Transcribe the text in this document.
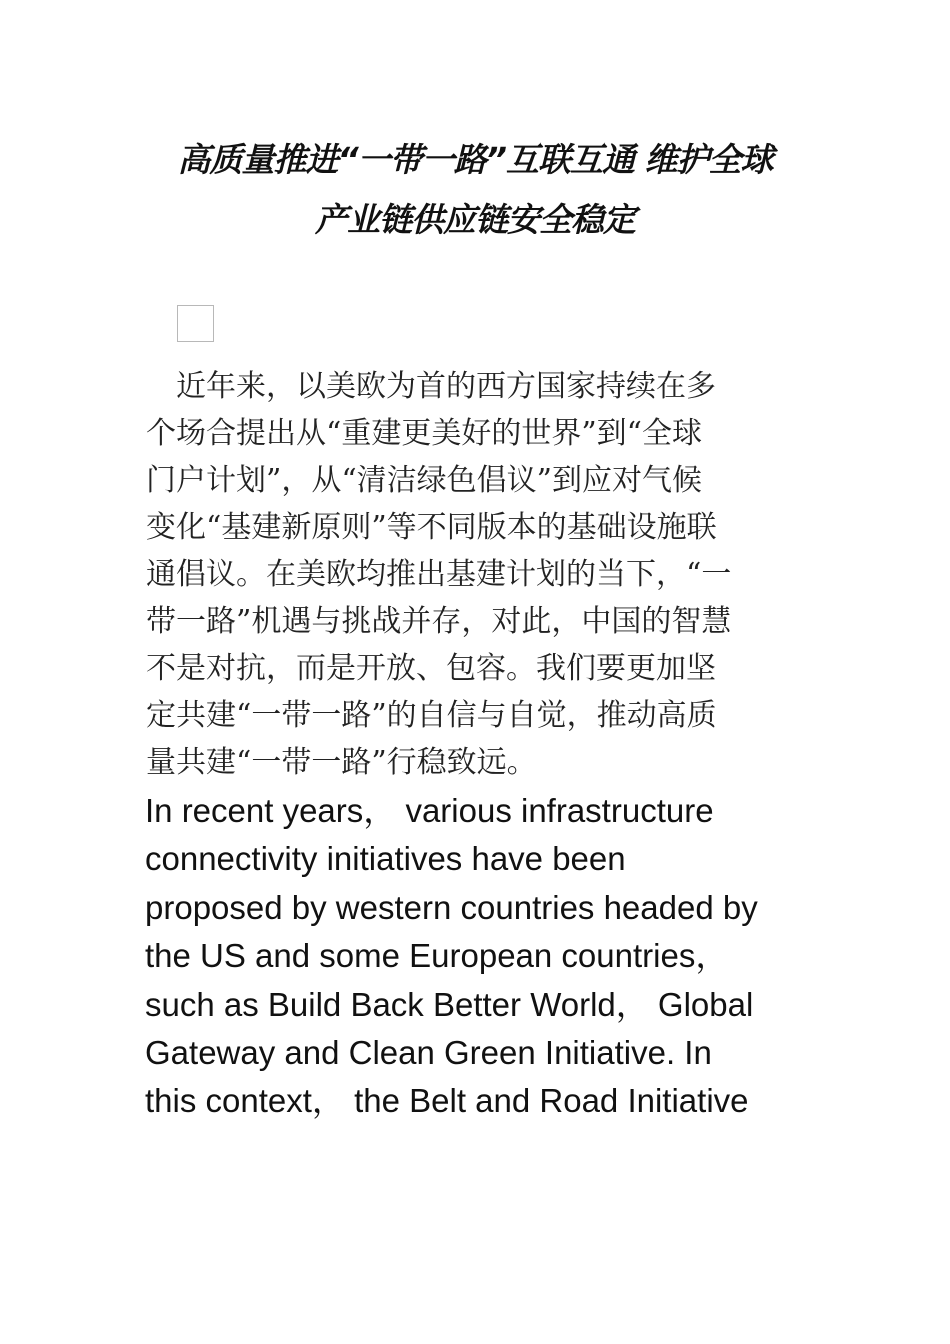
高质量推进“一带一路”互联互通 维护全球
产业链供应链安全稳定

　近年来，以美欧为首的西方国家持续在多
个场合提出从“重建更美好的世界”到“全球
门户计划”，从“清洁绿色倡议”到应对气候
变化“基建新原则”等不同版本的基础设施联
通倡议。在美欧均推出基建计划的当下，“一
带一路”机遇与挑战并存，对此，中国的智慧
不是对抗，而是开放、包容。我们要更加坚
定共建“一带一路”的自信与自觉，推动高质
量共建“一带一路”行稳致远。

In recent years， various infrastructure
connectivity initiatives have been
proposed by western countries headed by
the US and some European countries，
such as Build Back Better World， Global
Gateway and Clean Green Initiative. In
this context， the Belt and Road Initiative
